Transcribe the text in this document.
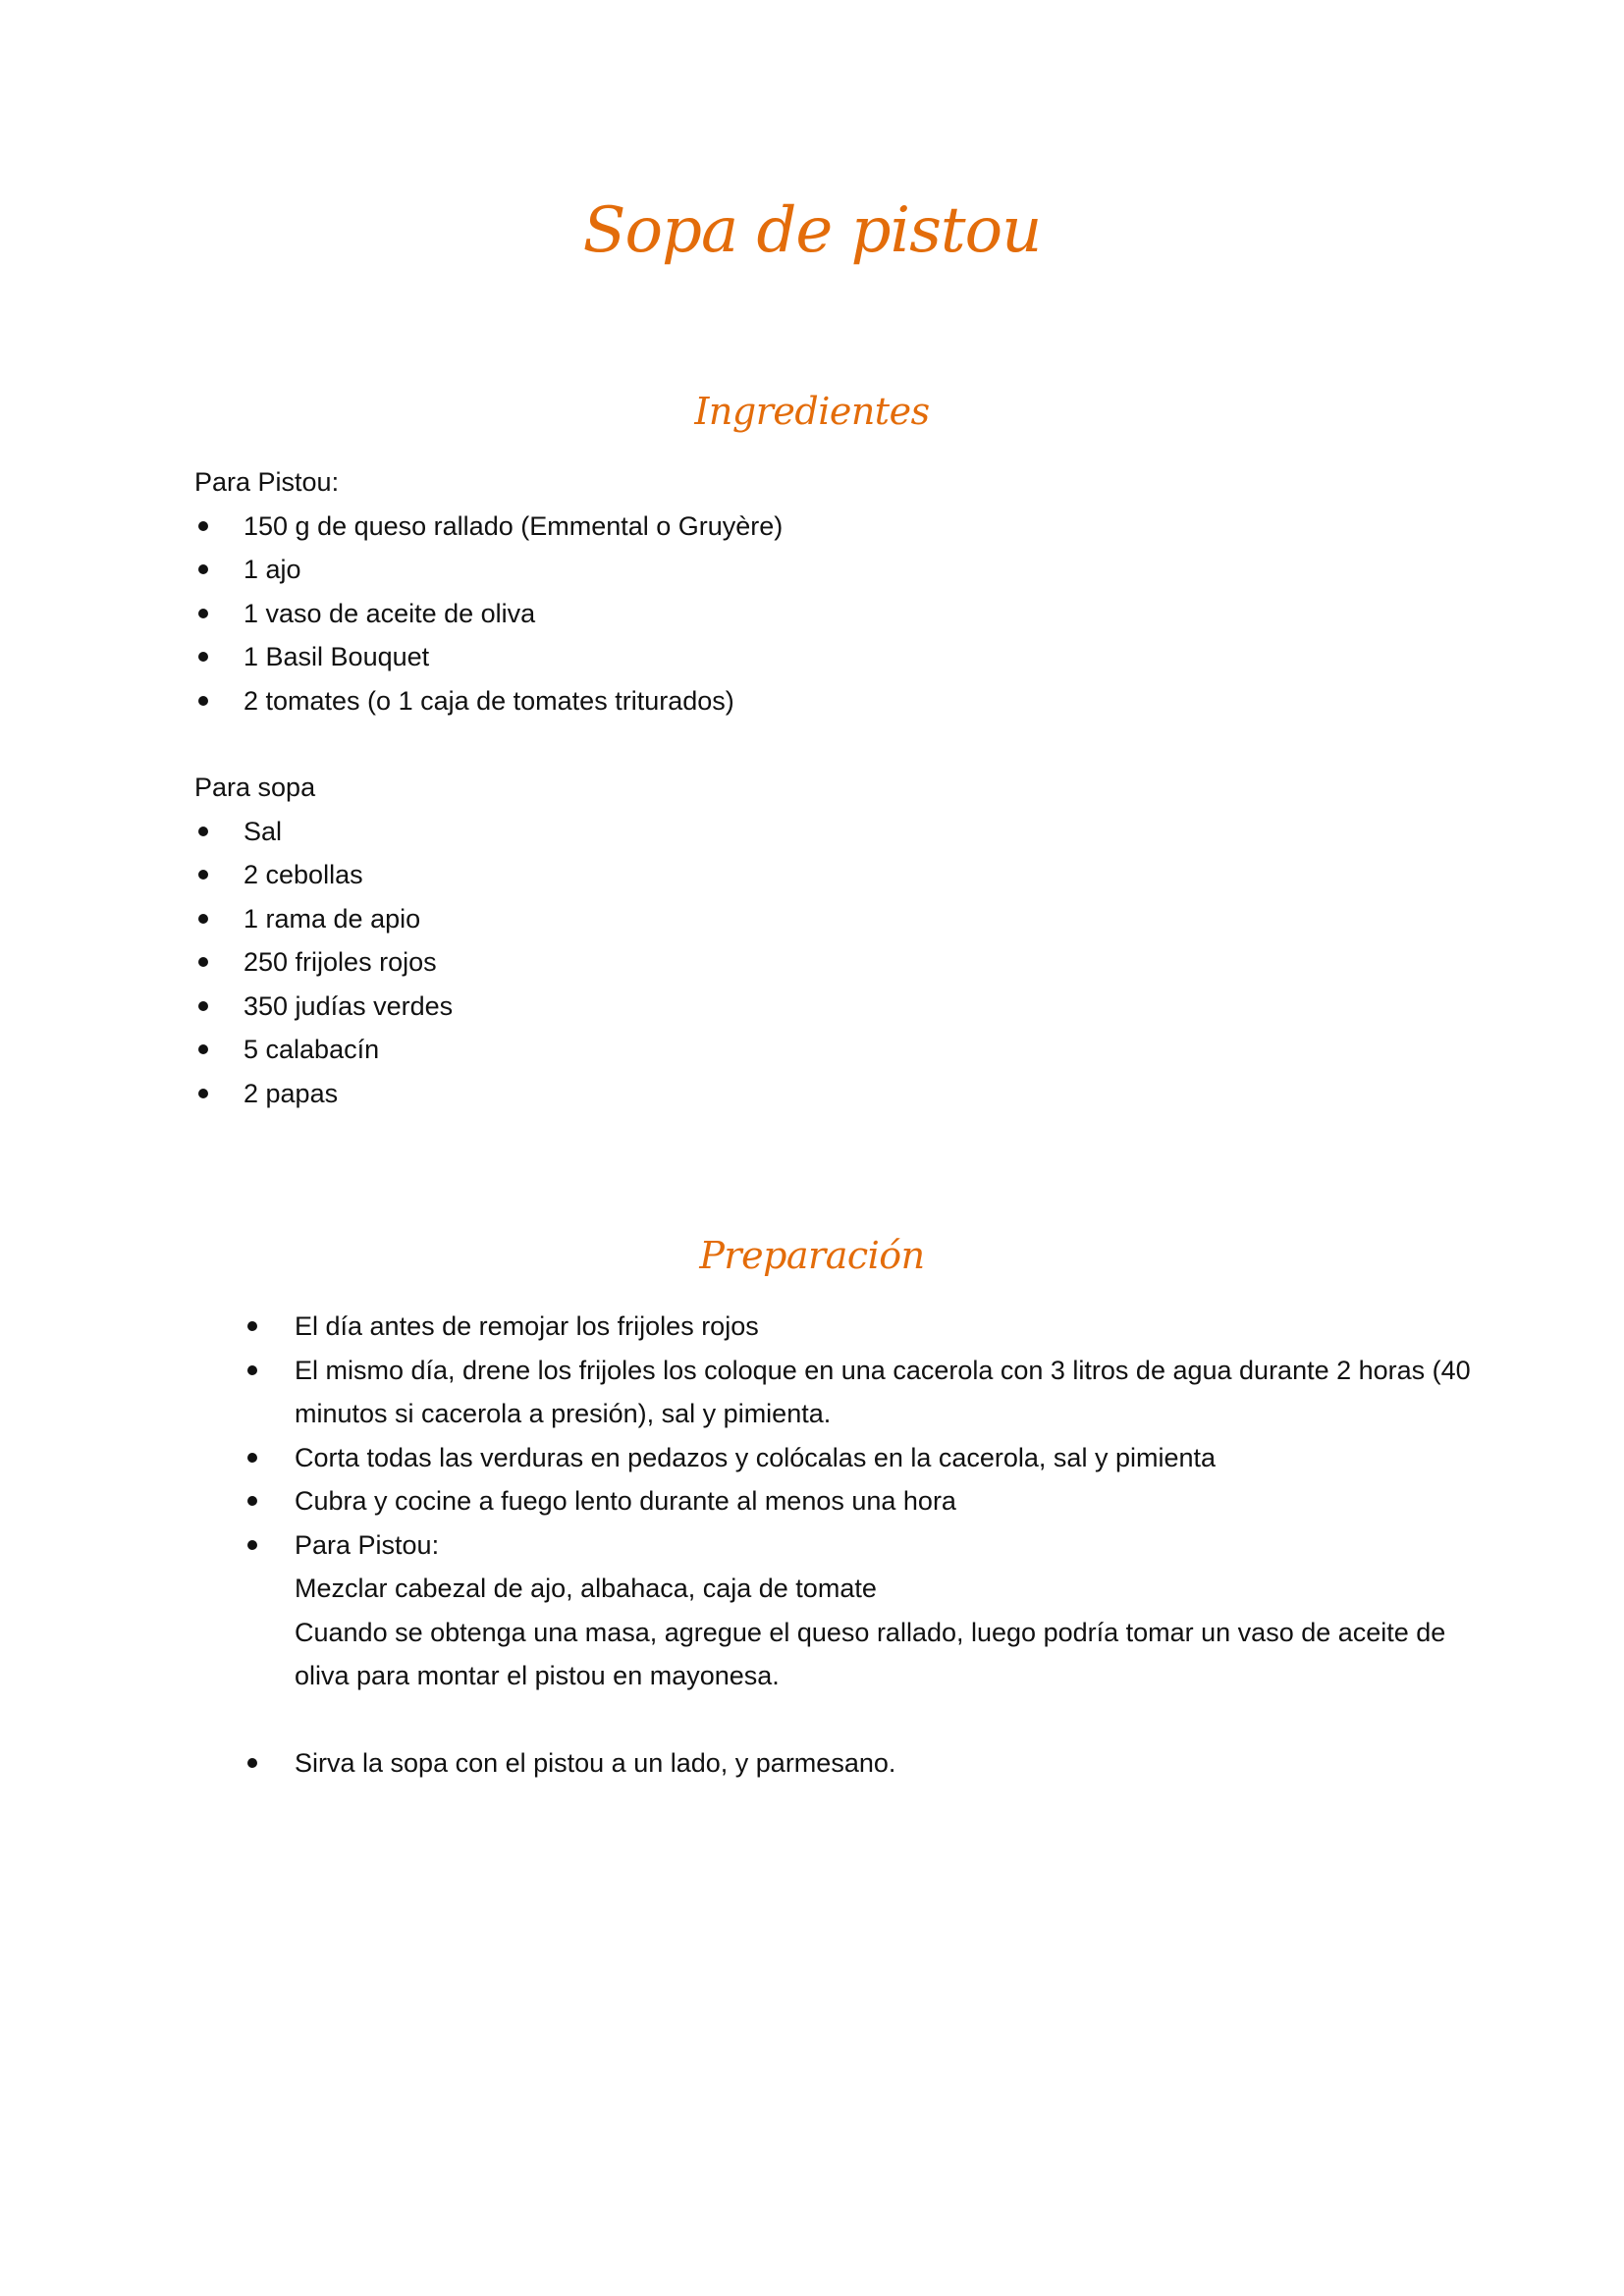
Sopa de pistou
Ingredientes

Para Pistou:

150 g de queso rallado (Emmental o Gruyère)
1 ajo
1 vaso de aceite de oliva
1 Basil Bouquet
2 tomates (o 1 caja de tomates triturados)

Para sopa

Sal
2 cebollas
1 rama de apio
250 frijoles rojos
350 judías verdes
5 calabacín
2 papas
Preparación
El día antes de remojar los frijoles rojos
El mismo día, drene los frijoles los coloque en una cacerola con 3 litros de agua durante 2 horas (40
minutos si cacerola a presión), sal y pimienta.
Corta todas las verduras en pedazos y colócalas en la cacerola, sal y pimienta
Cubra y cocine a fuego lento durante al menos una hora
Para Pistou:
Mezclar cabezal de ajo, albahaca, caja de tomate
Cuando se obtenga una masa, agregue el queso rallado, luego podría tomar un vaso de aceite de
oliva para montar el pistou en mayonesa.
Sirva la sopa con el pistou a un lado, y parmesano.
